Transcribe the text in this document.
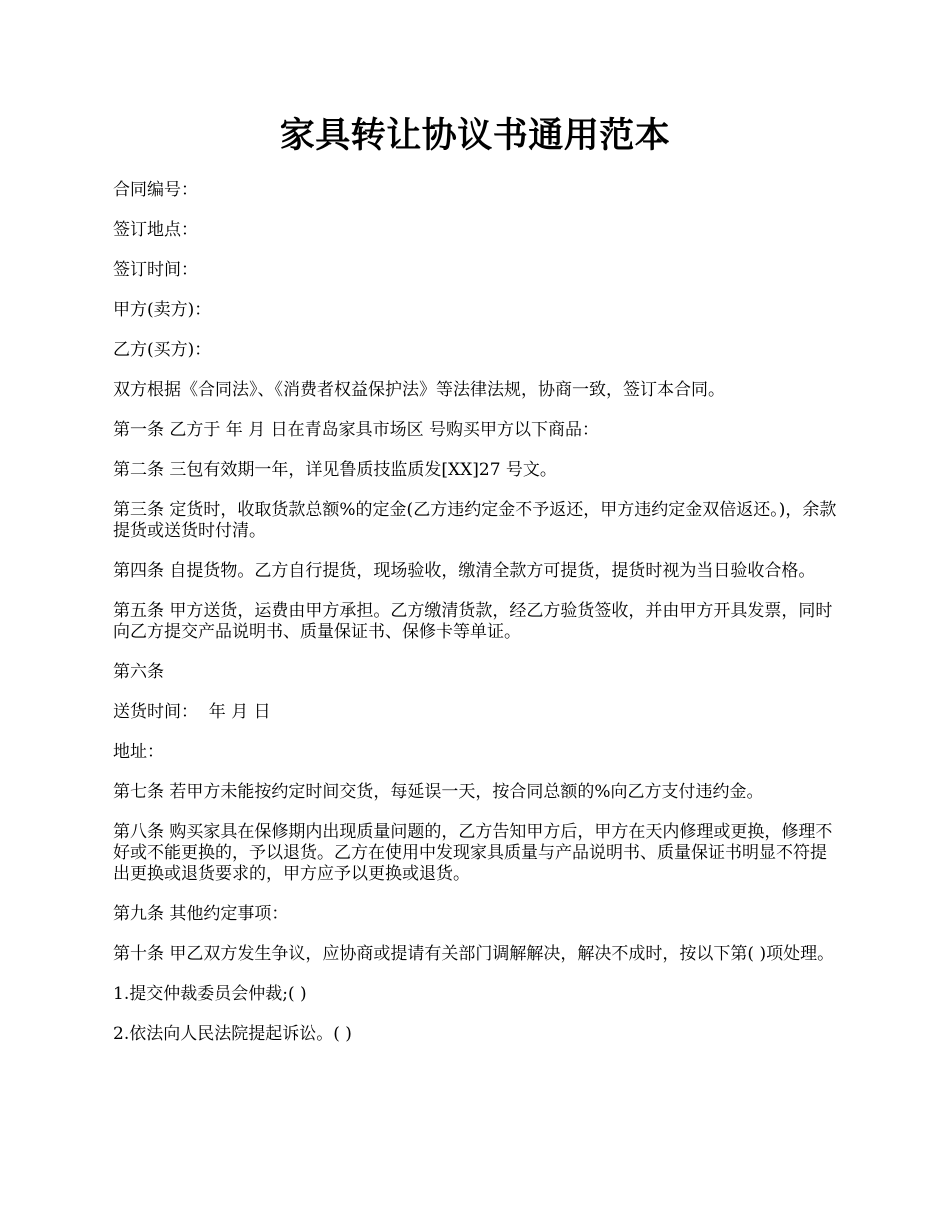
家具转让协议书通用范本

合同编号：

签订地点：

签订时间：

甲方(卖方)：

乙方(买方)：

双方根据《合同法》、《消费者权益保护法》等法律法规，协商一致，签订本合同。

第一条 乙方于 年 月 日在青岛家具市场区 号购买甲方以下商品：

第二条 三包有效期一年，详见鲁质技监质发[XX]27 号文。

第三条 定货时，收取货款总额%的定金(乙方违约定金不予返还，甲方违约定金双倍返还。)，余款提货或送货时付清。

第四条 自提货物。乙方自行提货，现场验收，缴清全款方可提货，提货时视为当日验收合格。

第五条 甲方送货，运费由甲方承担。乙方缴清货款，经乙方验货签收，并由甲方开具发票，同时向乙方提交产品说明书、质量保证书、保修卡等单证。

第六条

送货时间：  年 月 日

地址：

第七条 若甲方未能按约定时间交货，每延误一天，按合同总额的%向乙方支付违约金。

第八条 购买家具在保修期内出现质量问题的，乙方告知甲方后，甲方在天内修理或更换，修理不好或不能更换的，予以退货。乙方在使用中发现家具质量与产品说明书、质量保证书明显不符提出更换或退货要求的，甲方应予以更换或退货。

第九条 其他约定事项：

第十条 甲乙双方发生争议，应协商或提请有关部门调解解决，解决不成时，按以下第( )项处理。

1.提交仲裁委员会仲裁;( )

2.依法向人民法院提起诉讼。( )
